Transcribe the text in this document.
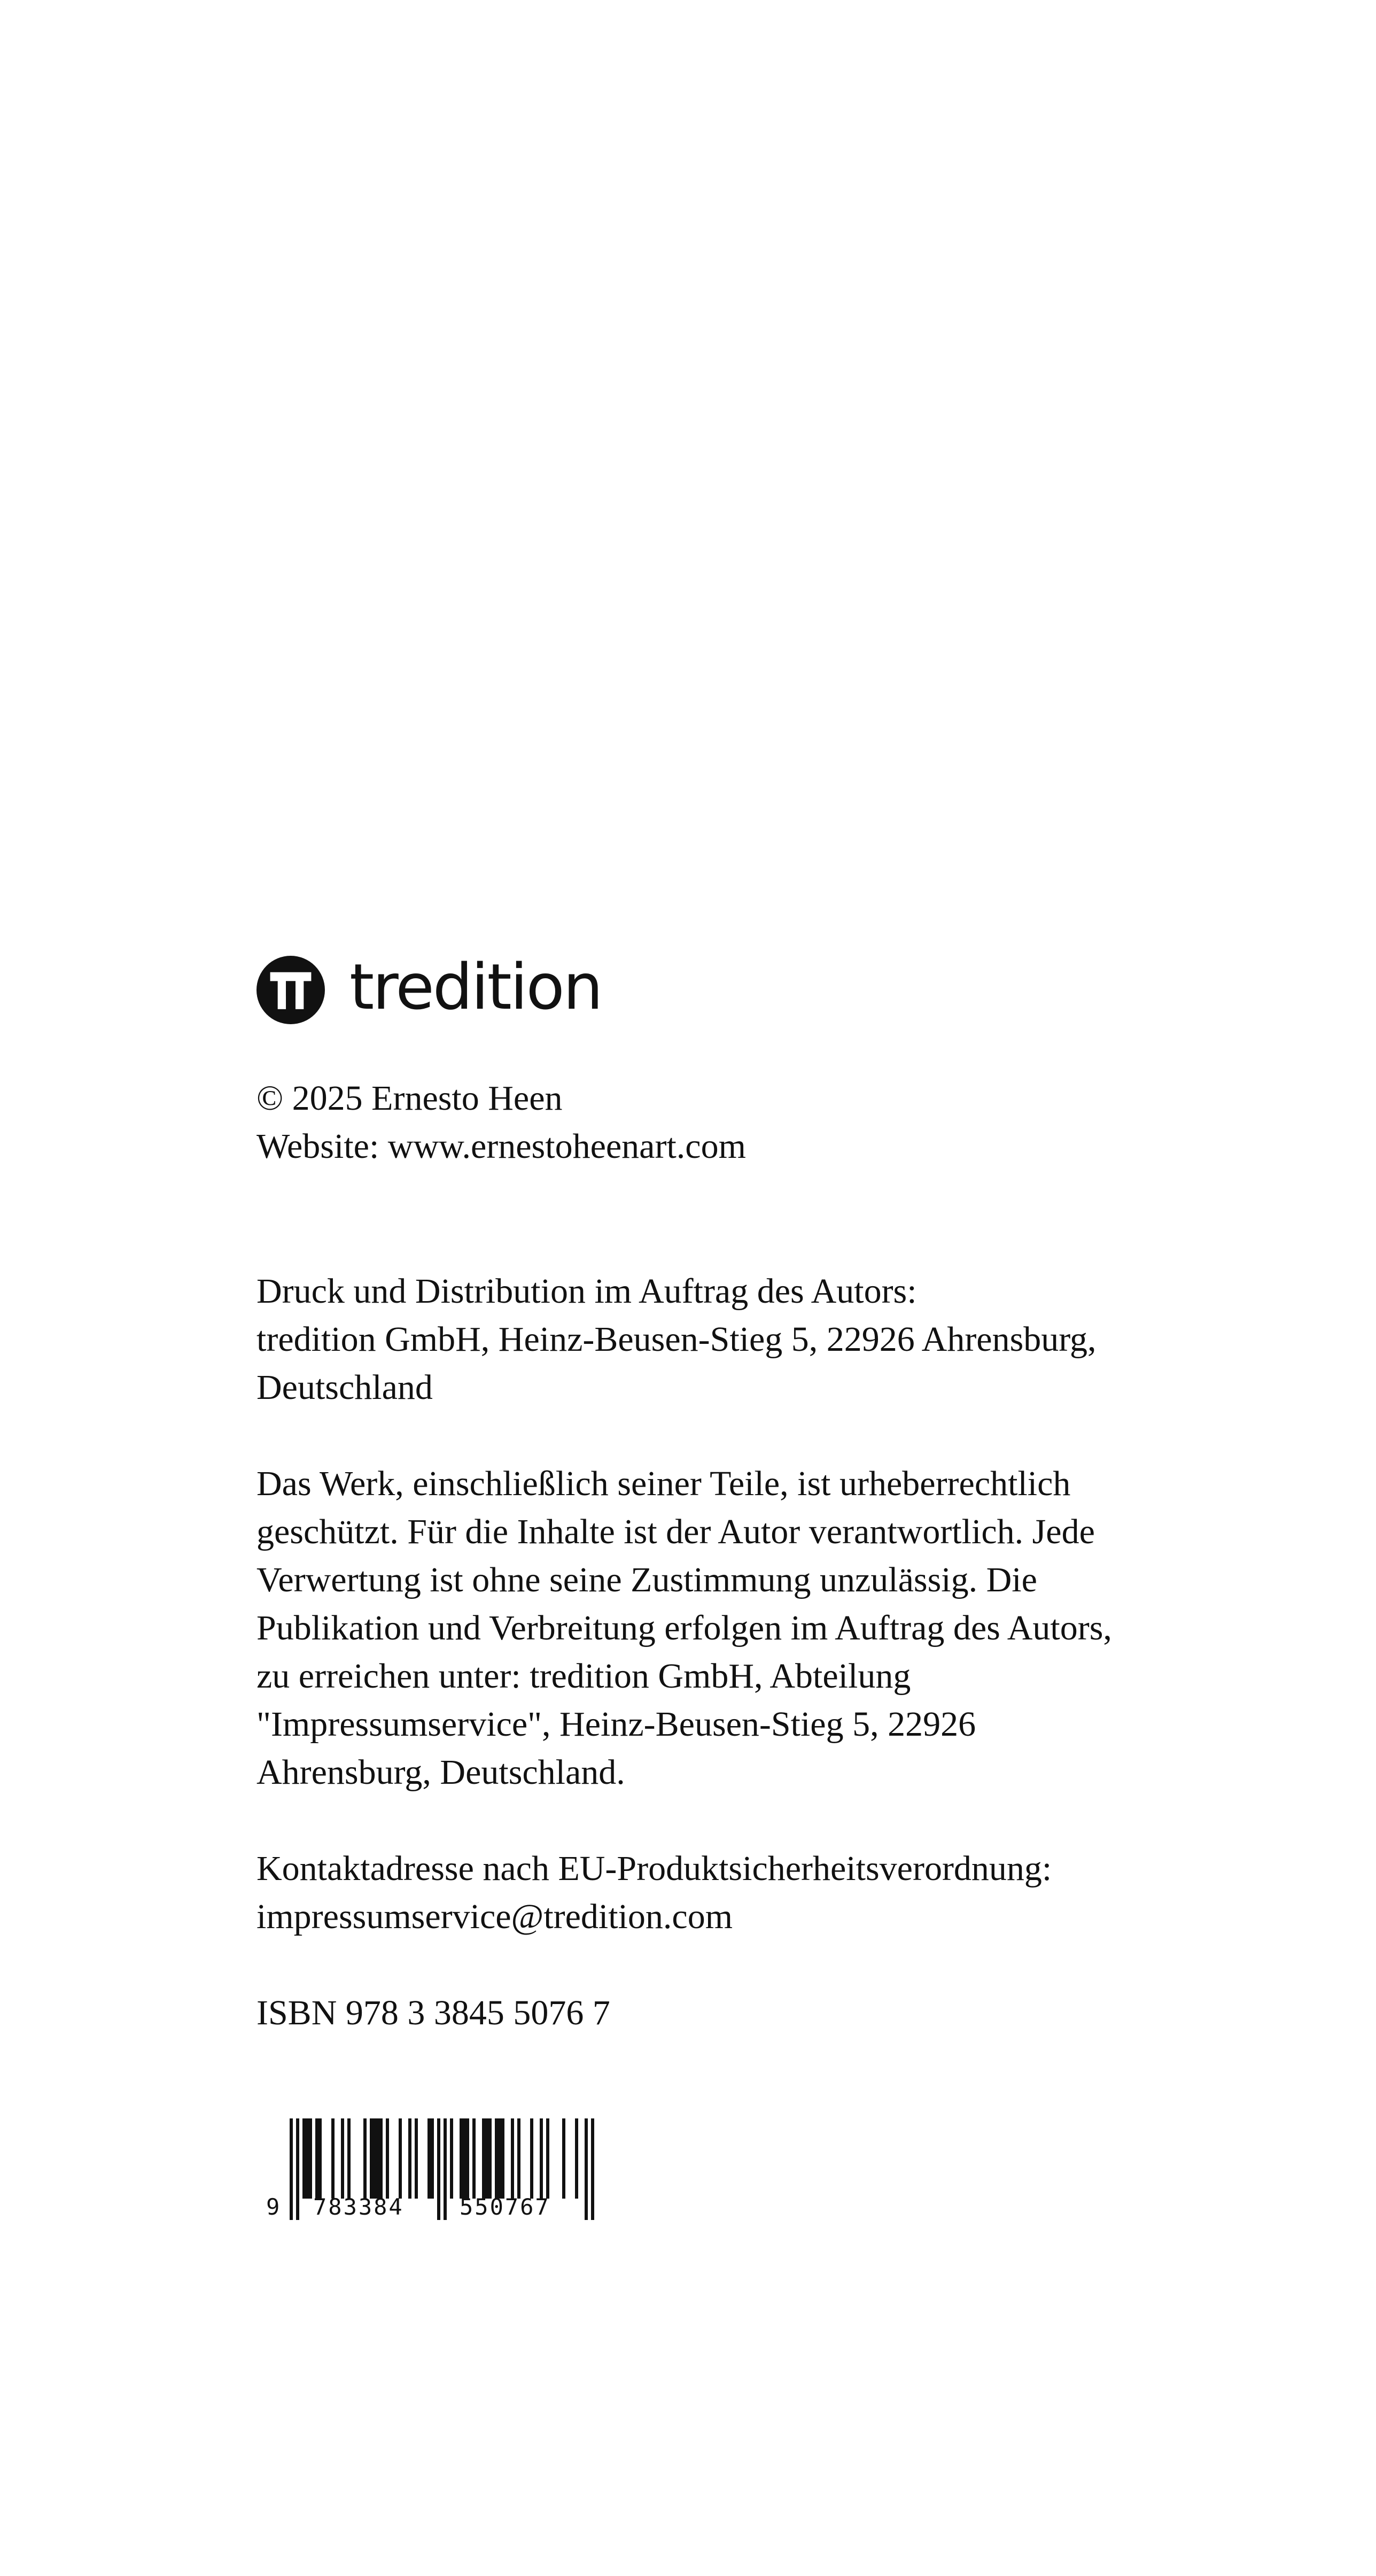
tredition

© 2025 Ernesto Heen
Website: www.ernestoheenart.com

Druck und Distribution im Auftrag des Autors:
tredition GmbH, Heinz-Beusen-Stieg 5, 22926 Ahrensburg,
Deutschland

Das Werk, einschließlich seiner Teile, ist urheberrechtlich
geschützt. Für die Inhalte ist der Autor verantwortlich. Jede
Verwertung ist ohne seine Zustimmung unzulässig. Die
Publikation und Verbreitung erfolgen im Auftrag des Autors,
zu erreichen unter: tredition GmbH, Abteilung
"Impressumservice", Heinz-Beusen-Stieg 5, 22926
Ahrensburg, Deutschland.

Kontaktadresse nach EU-Produktsicherheitsverordnung:
impressumservice@tredition.com

ISBN 978 3 3845 5076 7

9 783384 550767
